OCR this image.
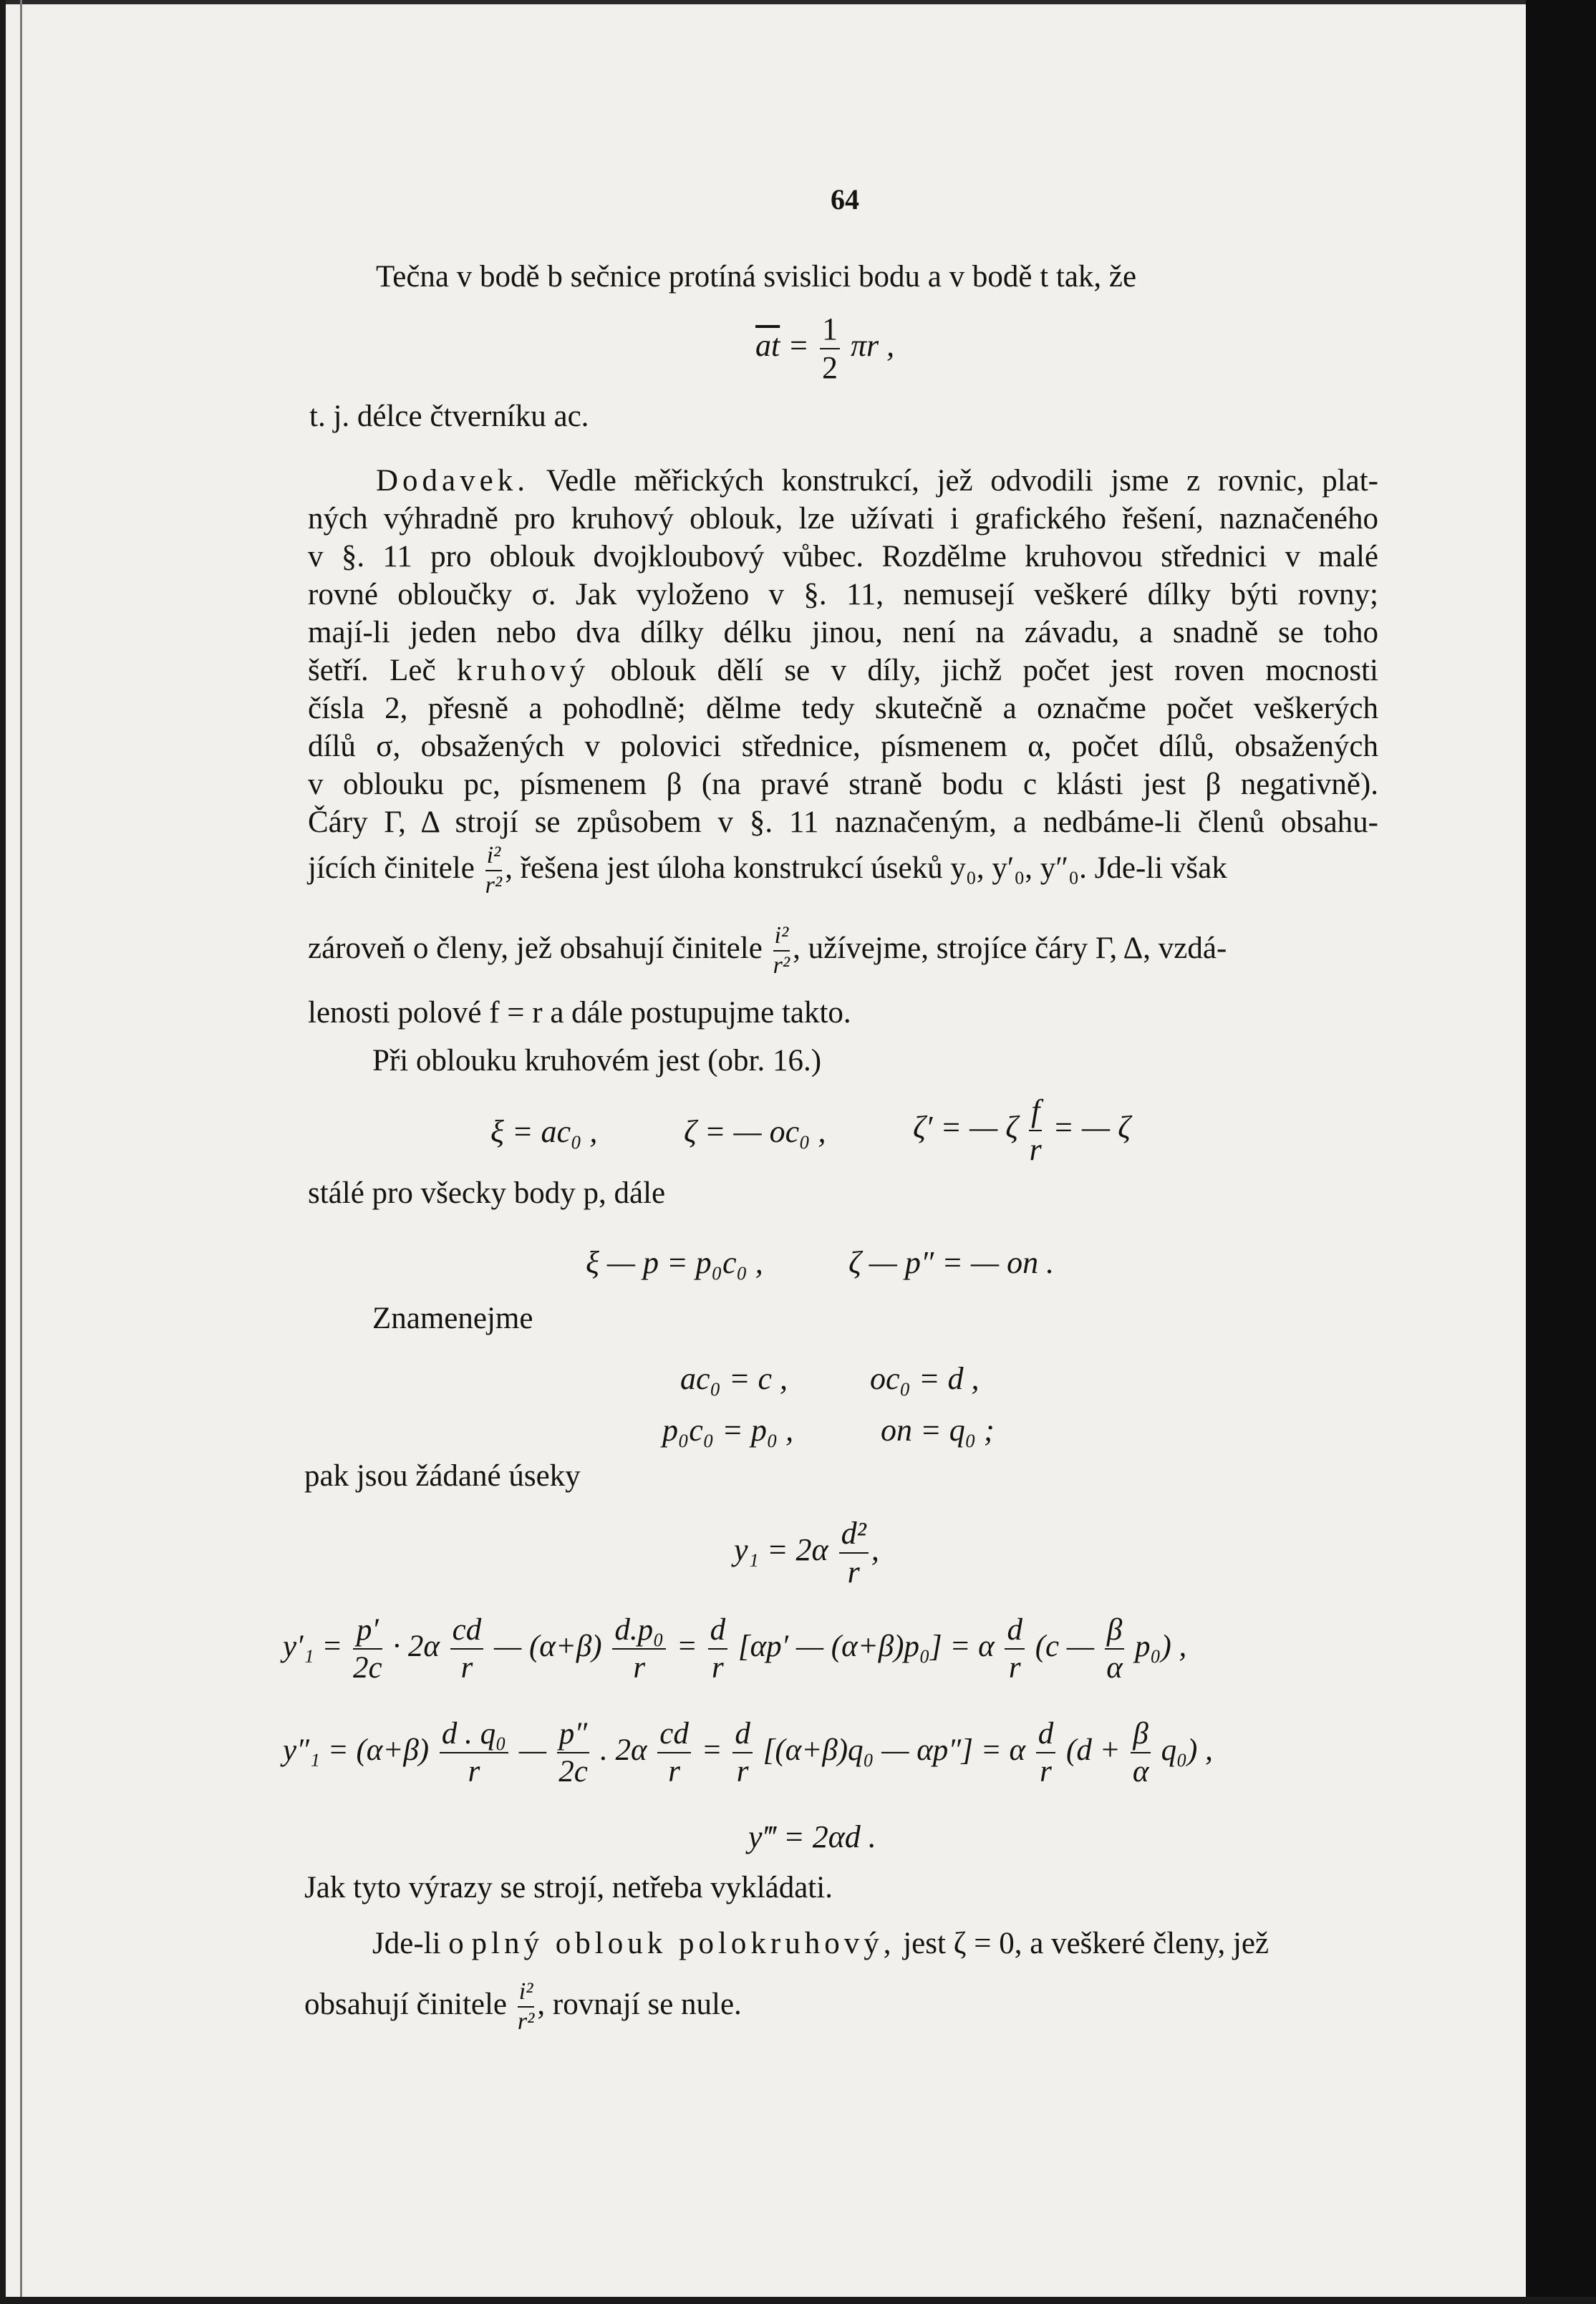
64
Tečna v bodě b sečnice protíná svislici bodu a v bodě t tak, že
$\overline{at} = \frac{1}{2}$ πr ,
t. j. délce čtverníku ac.
Dodavek. Vedle měřických konstrukcí, jež odvodili jsme z rovnic, plat-
ných výhradně pro kruhový oblouk, lze užívati i grafického řešení, naznačeného
v §. 11 pro oblouk dvojkloubový vůbec. Rozdělme kruhovou střednici v malé
rovné obloučky σ. Jak vyloženo v §. 11, nemusejí veškeré dílky býti rovny;
mají-li jeden nebo dva dílky délku jinou, není na závadu, a snadně se toho
šetří. Leč kruhový oblouk dělí se v díly, jichž počet jest roven mocnosti
čísla 2, přesně a pohodlně; dělme tedy skutečně a označme počet veškerých
dílů σ, obsažených v polovici střednice, písmenem α, počet dílů, obsažených
v oblouku pc, písmenem β (na pravé straně bodu c klásti jest β negativně).
Čáry Γ, Δ strojí se způsobem v §. 11 naznačeným, a nedbáme-li členů obsahu-
jících činitele $\frac{\text{i²}}{\text{r²}}$ , řešena jest úloha konstrukcí úseků y₀, y′₀, y″₀. Jde-li však
zároveň o členy, jež obsahují činitele $\frac{\text{i²}}{\text{r²}}$ , užívejme, strojíce čáry Γ, Δ, vzdá-
lenosti polové f = r a dále postupujme takto.
Při oblouku kruhovém jest (obr. 16.)
ξ = ac₀ ,	ζ = — oc₀ ,	ζ′ = — ζ $\frac{f}{r}$ = — ζ
stálé pro všecky body p, dále
ξ — p = p₀c₀ ,	ζ — p″ = — on .
Znamenejme
ac₀ = c ,	oc₀ = d ,
p₀c₀ = p₀ ,	on = q₀ ;
pak jsou žádané úseky
$y_1 = 2\alpha \frac{\text{d²}}{r}$ ,
$y'_1 = \frac{p'}{2c} \cdot 2\alpha \frac{cd}{r}$ — $(\alpha+\beta) \frac{\text{d.p₀}}{r} = \frac{d}{r} [\alpha p'$ — (α+β)p₀] = α $\frac{d}{r} (c$ — $\frac{\beta}{\alpha} p_0$) ,
$y''_1 = (\alpha+\beta) \frac{\text{d . q₀}}{r}$ — $\frac{p''}{2c}$ . $2\alpha \frac{cd}{r} = \frac{d}{r} [(\alpha+\beta)q_0$ — αp″] = α $\frac{d}{r} (d + \frac{\beta}{\alpha} q_0)$ ,
y‴ = 2αd .
Jak tyto výrazy se strojí, netřeba vykládati.
Jde-li o plný oblouk polokruhový, jest ζ = 0, a veškeré členy, jež
obsahují činitele $\frac{\text{i²}}{\text{r²}}$ , rovnají se nule.
